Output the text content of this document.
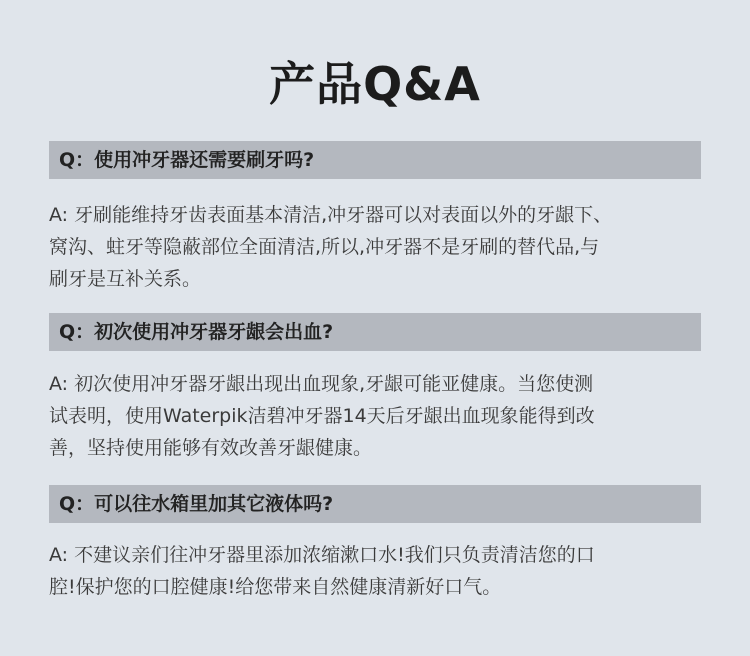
产品Q&A
Q：使用冲牙器还需要刷牙吗?
A: 牙刷能维持牙齿表面基本清洁,冲牙器可以对表面以外的牙龈下、
窝沟、蛀牙等隐蔽部位全面清洁,所以,冲牙器不是牙刷的替代品,与
刷牙是互补关系。
Q：初次使用冲牙器牙龈会出血?
A: 初次使用冲牙器牙龈出现出血现象,牙龈可能亚健康。当您使测
试表明，使用Waterpik洁碧冲牙器14天后牙龈出血现象能得到改
善，坚持使用能够有效改善牙龈健康。
Q：可以往水箱里加其它液体吗?
A: 不建议亲们往冲牙器里添加浓缩漱口水!我们只负责清洁您的口
腔!保护您的口腔健康!给您带来自然健康清新好口气。
